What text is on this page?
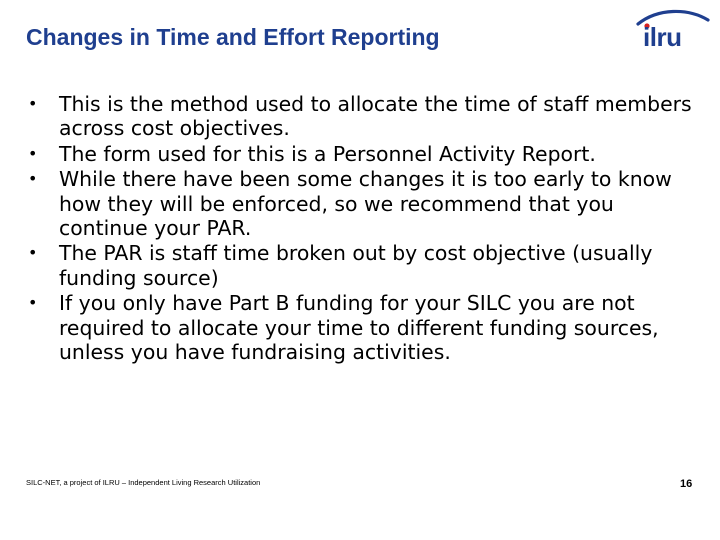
Changes in Time and Effort Reporting	ilru
• This is the method used to allocate the time of staff members across cost objectives.
• The form used for this is a Personnel Activity Report.
• While there have been some changes it is too early to know how they will be enforced, so we recommend that you continue your PAR.
• The PAR is staff time broken out by cost objective (usually funding source)
• If you only have Part B funding for your SILC you are not required to allocate your time to different funding sources, unless you have fundraising activities.
SILC-NET, a project of ILRU – Independent Living Research Utilization	16
